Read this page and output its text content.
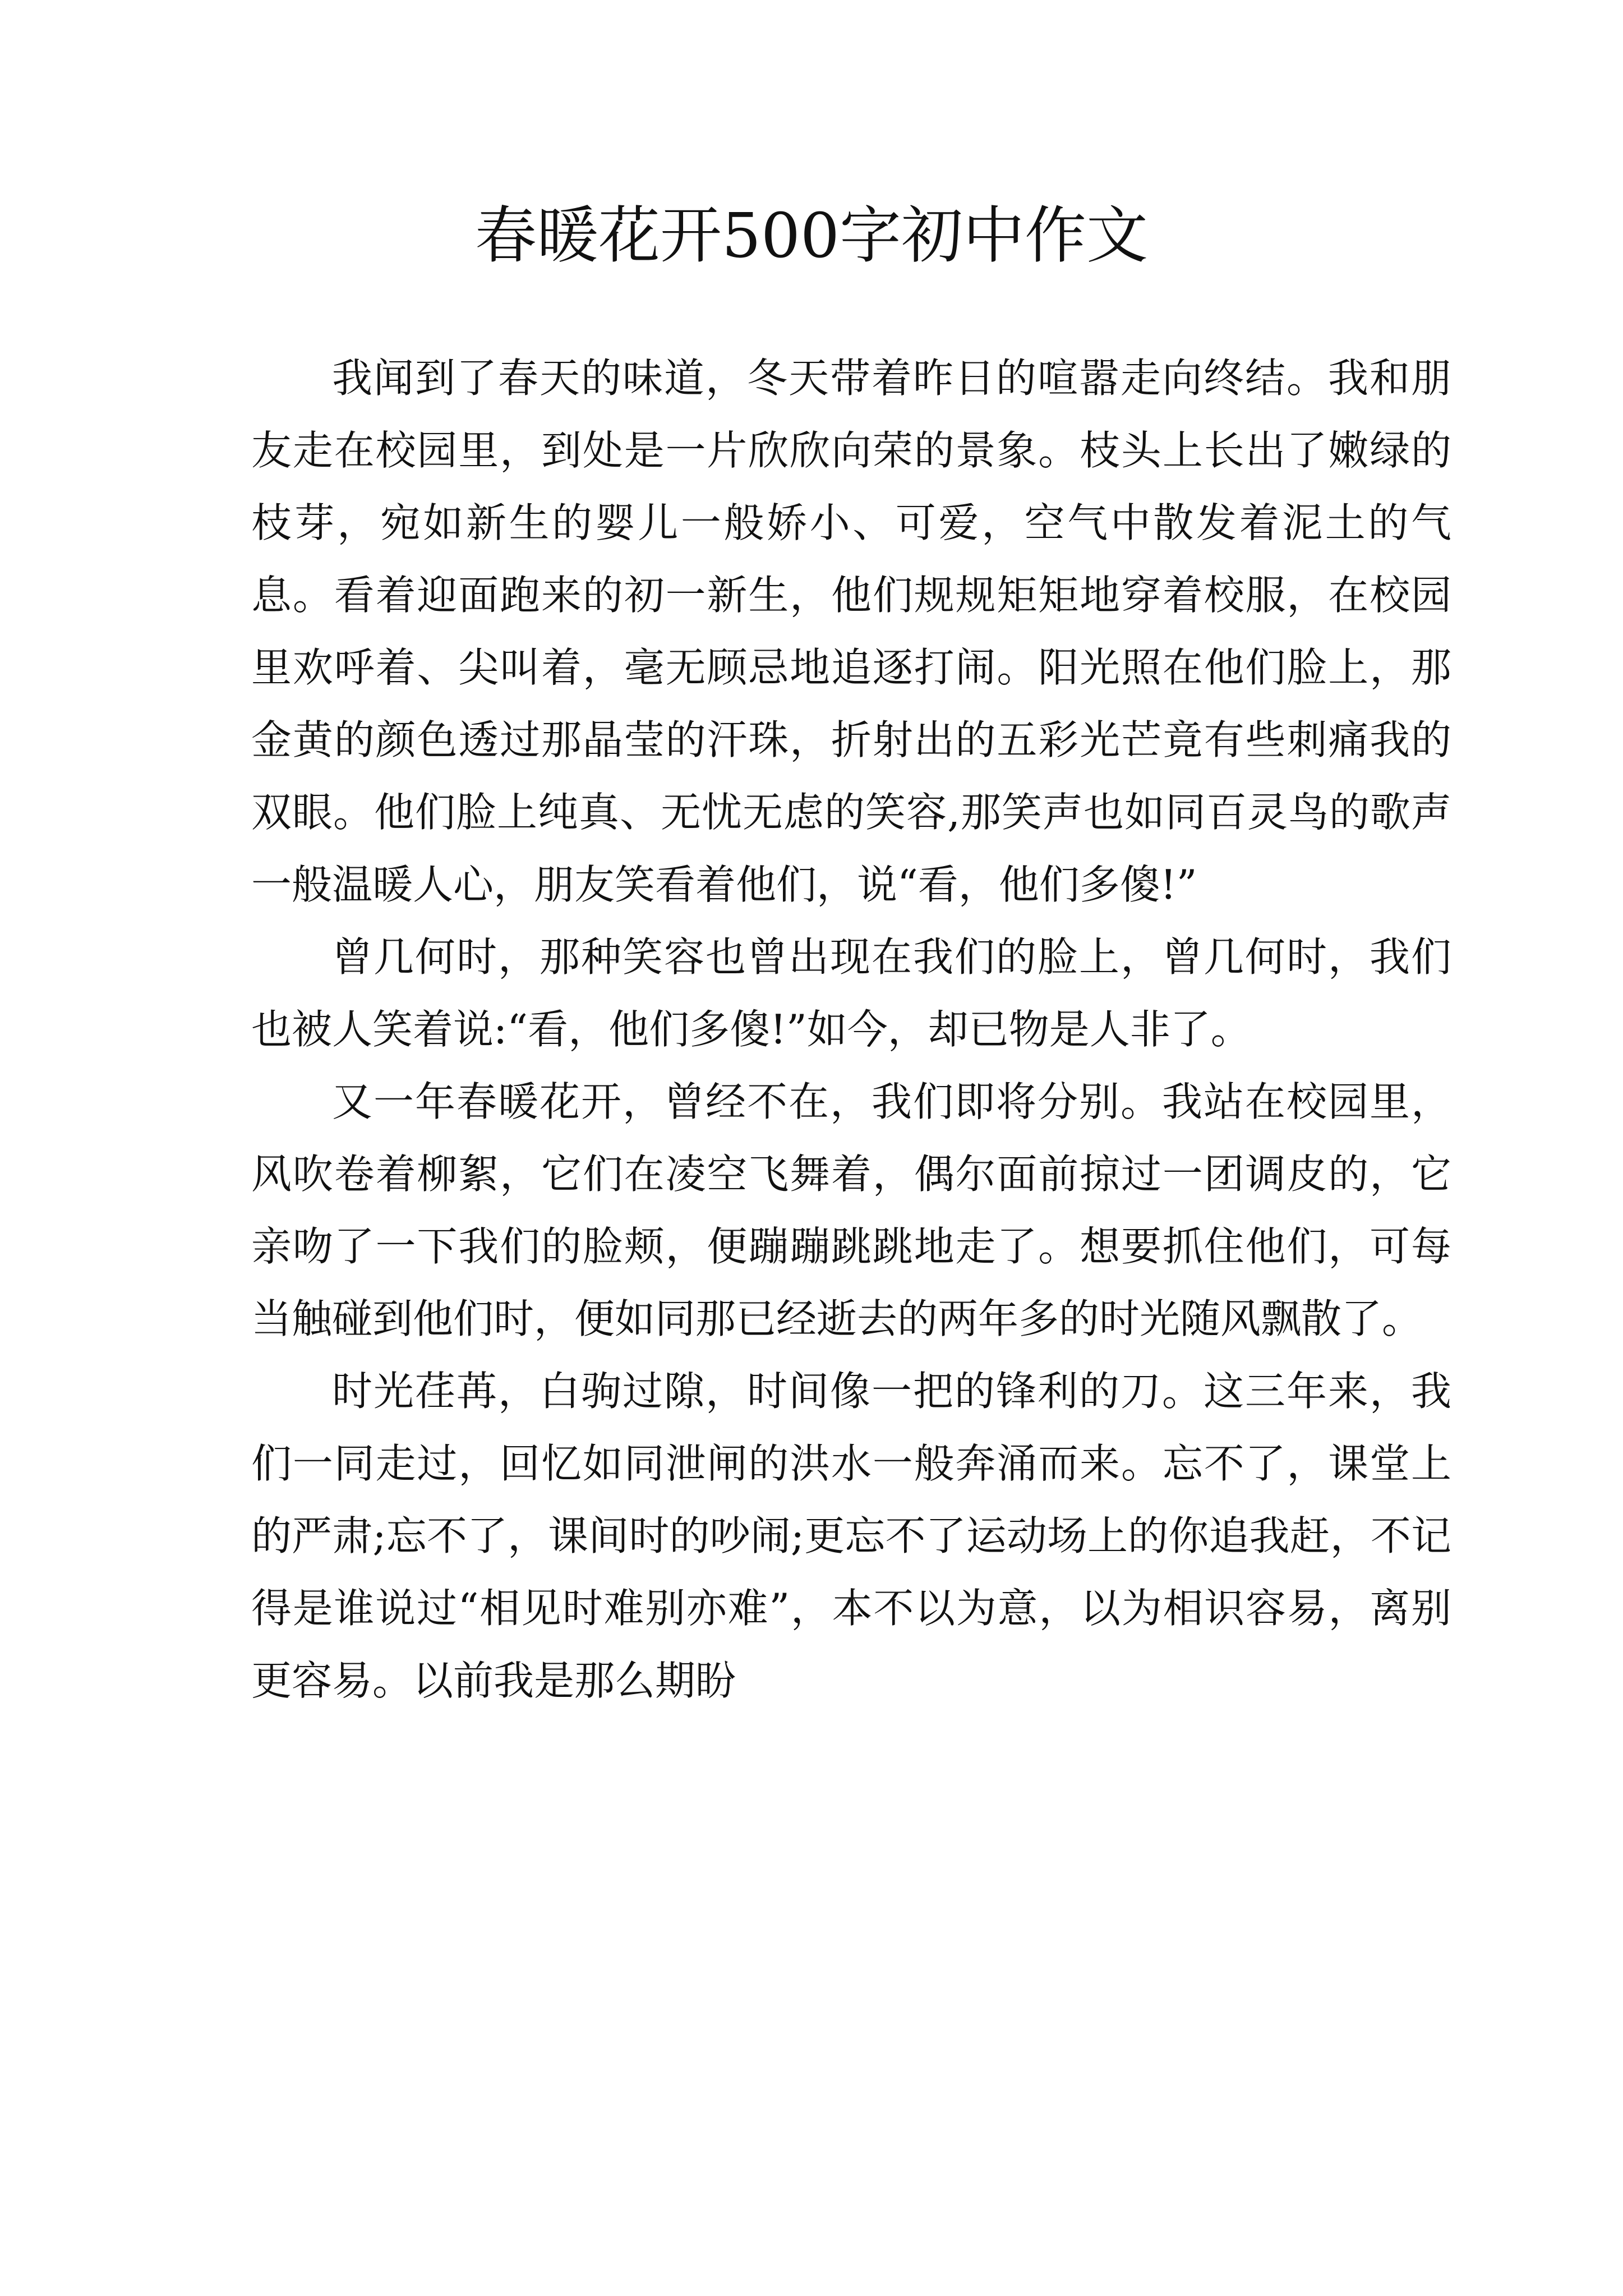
春暖花开500字初中作文

我闻到了春天的味道，冬天带着昨日的喧嚣走向终结。我和朋友走在校园里，到处是一片欣欣向荣的景象。枝头上长出了嫩绿的枝芽，宛如新生的婴儿一般娇小、可爱，空气中散发着泥土的气息。看着迎面跑来的初一新生，他们规规矩矩地穿着校服，在校园里欢呼着、尖叫着，毫无顾忌地追逐打闹。阳光照在他们脸上，那金黄的颜色透过那晶莹的汗珠，折射出的五彩光芒竟有些刺痛我的双眼。他们脸上纯真、无忧无虑的笑容,那笑声也如同百灵鸟的歌声一般温暖人心，朋友笑看着他们，说“看，他们多傻!”

曾几何时，那种笑容也曾出现在我们的脸上，曾几何时，我们也被人笑着说:“看，他们多傻!”如今，却已物是人非了。

又一年春暖花开，曾经不在，我们即将分别。我站在校园里，风吹卷着柳絮，它们在凌空飞舞着，偶尔面前掠过一团调皮的，它亲吻了一下我们的脸颊，便蹦蹦跳跳地走了。想要抓住他们，可每当触碰到他们时，便如同那已经逝去的两年多的时光随风飘散了。

时光荏苒，白驹过隙，时间像一把的锋利的刀。这三年来，我们一同走过，回忆如同泄闸的洪水一般奔涌而来。忘不了，课堂上的严肃;忘不了，课间时的吵闹;更忘不了运动场上的你追我赶，不记得是谁说过“相见时难别亦难”，本不以为意，以为相识容易，离别更容易。以前我是那么期盼
